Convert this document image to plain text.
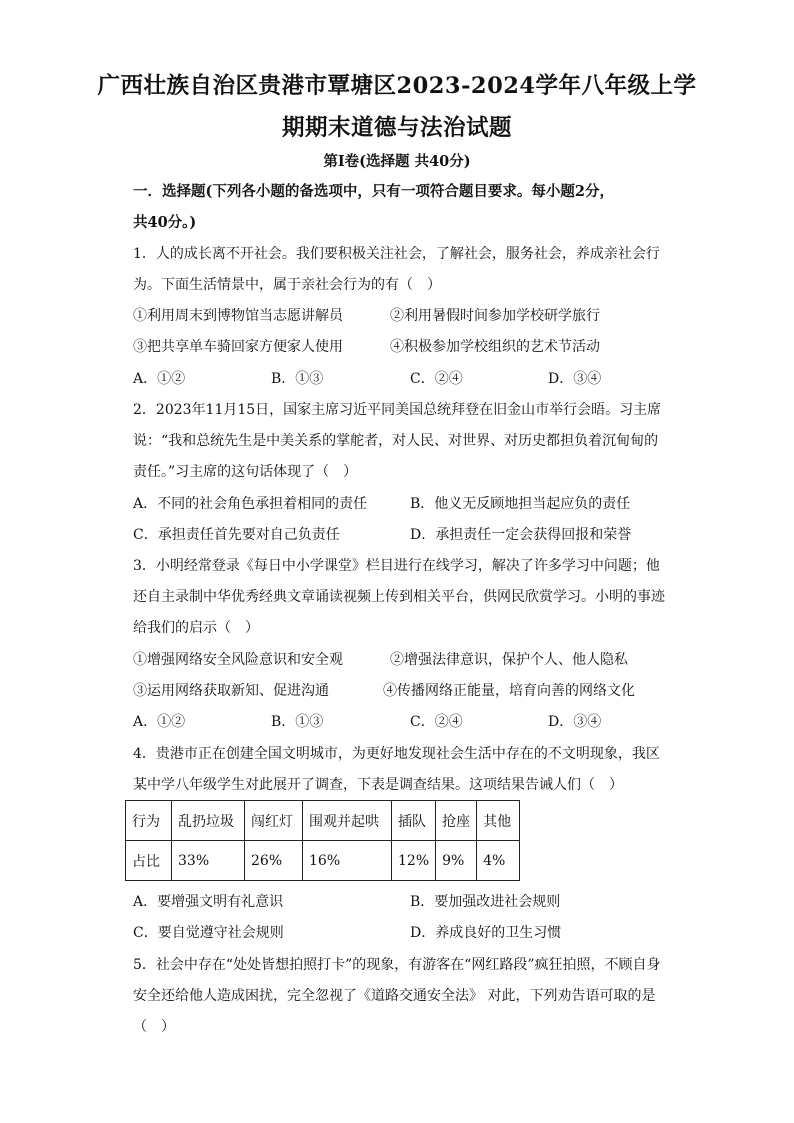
广西壮族自治区贵港市覃塘区2023-2024学年八年级上学
期期末道德与法治试题
第Ⅰ卷(选择题 共40分)
一．选择题(下列各小题的备选项中，只有一项符合题目要求。每小题2分，
共40分。)
1．人的成长离不开社会。我们要积极关注社会，了解社会，服务社会，养成亲社会行
为。下面生活情景中，属于亲社会行为的有（　）
①利用周末到博物馆当志愿讲解员	②利用暑假时间参加学校研学旅行
③把共享单车骑回家方便家人使用	④积极参加学校组织的艺术节活动
A．①②	B．①③	C．②④	D．③④
2．2023年11月15日，国家主席习近平同美国总统拜登在旧金山市举行会晤。习主席
说：“我和总统先生是中美关系的掌舵者，对人民、对世界、对历史都担负着沉甸甸的
责任。”习主席的这句话体现了（　）
A．不同的社会角色承担着相同的责任	B．他义无反顾地担当起应负的责任
C．承担责任首先要对自己负责任	D．承担责任一定会获得回报和荣誉
3．小明经常登录《每日中小学课堂》栏目进行在线学习，解决了许多学习中问题；他
还自主录制中华优秀经典文章诵读视频上传到相关平台，供网民欣赏学习。小明的事迹
给我们的启示（　）
①增强网络安全风险意识和安全观	②增强法律意识，保护个人、他人隐私
③运用网络获取新知、促进沟通	④传播网络正能量，培育向善的网络文化
A．①②	B．①③	C．②④	D．③④
4．贵港市正在创建全国文明城市，为更好地发现社会生活中存在的不文明现象，我区
某中学八年级学生对此展开了调查，下表是调查结果。这项结果告诫人们（　）
行为	乱扔垃圾	闯红灯	围观并起哄	插队	抢座	其他
占比	33%	26%	16%	12%	9%	4%
A．要增强文明有礼意识	B．要加强改进社会规则
C．要自觉遵守社会规则	D．养成良好的卫生习惯
5．社会中存在“处处皆想拍照打卡”的现象，有游客在“网红路段”疯狂拍照，不顾自身
安全还给他人造成困扰，完全忽视了《道路交通安全法》 对此，下列劝告语可取的是
（　）
